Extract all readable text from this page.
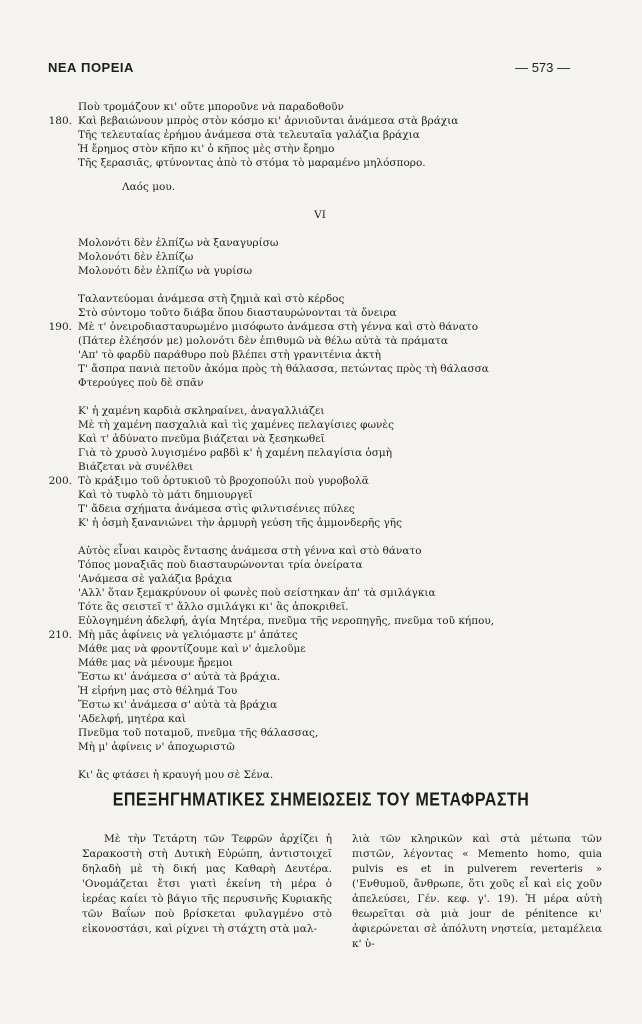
ΝΕΑ ΠΟΡΕΙΑ	— 573 —
Ποὺ τρομάζουν κι' οὔτε μποροῦνε νὰ παραδοθοῦν
180. Καὶ βεβαιώνουν μπρὸς στὸν κόσμο κι' ἀρνιοῦνται ἀνάμεσα στὰ βράχια
Τῆς τελευταίας ἐρήμου ἀνάμεσα στὰ τελευταῖα γαλάζια βράχια
Ἡ ἔρημος στὸν κῆπο κι' ὁ κῆπος μὲς στὴν ἔρημο
Τῆς ξερασιᾶς, φτύνοντας ἀπὸ τὸ στόμα τὸ μαραμένο μηλόσπορο.
Λαός μου.
VI
Μολονότι δὲν ἐλπίζω νὰ ξαναγυρίσω
Μολονότι δὲν ἐλπίζω
Μολονότι δὲν ἐλπίζω νὰ γυρίσω
Ταλαντεύομαι ἀνάμεσα στὴ ζημιὰ καὶ στὸ κέρδος
Στὸ σύντομο τοῦτο διάβα ὅπου διασταυρώνονται τὰ ὄνειρα
190. Μὲ τ' ὀνειροδιασταυρωμένο μισόφωτο ἀνάμεσα στὴ γέννα καὶ στὸ θάνατο
(Πάτερ ἐλέησόν με) μολονότι δὲν ἐπιθυμῶ νὰ θέλω αὐτὰ τὰ πράματα
'Απ' τὸ φαρδὺ παράθυρο ποὺ βλέπει στὴ γρανιτένια ἀκτὴ
Τ' ἄσπρα πανιὰ πετοῦν ἀκόμα πρὸς τὴ θάλασσα, πετώντας πρὸς τὴ θάλασσα
Φτερούγες ποὺ δὲ σπᾶν
Κ' ἡ χαμένη καρδιὰ σκληραίνει, ἀναγαλλιάζει
Μὲ τὴ χαμένη πασχαλιὰ καὶ τὶς χαμένες πελαγίσιες φωνὲς
Καὶ τ' ἀδύνατο πνεῦμα βιάζεται νὰ ξεσηκωθεῖ
Γιὰ τὸ χρυσὸ λυγισμένο ραβδὶ κ' ἡ χαμένη πελαγίσια ὀσμὴ
Βιάζεται νὰ συνέλθει
200. Τὸ κράξιμο τοῦ ὀρτυκιοῦ τὸ βροχοπούλι ποὺ γυροβολᾶ
Καὶ τὸ τυφλὸ τὸ μάτι δημιουργεῖ
Τ' ἄδεια σχήματα ἀνάμεσα στὶς φιλντισένιες πύλες
Κ' ἡ ὀσμὴ ξανανιώνει τὴν ἁρμυρὴ γεύση τῆς ἀμμονδερῆς γῆς
Αὐτὸς εἶναι καιρὸς ἔντασης ἀνάμεσα στὴ γέννα καὶ στὸ θάνατο
Τόπος μοναξιᾶς ποὺ διασταυρώνονται τρία ὀνείρατα
'Ανάμεσα σὲ γαλάζια βράχια
'Αλλ' ὅταν ξεμακρύνουν οἱ φωνὲς ποὺ σείστηκαν ἀπ' τὰ σμιλάγκια
Τότε ἂς σειστεῖ τ' ἄλλο σμιλάγκι κι' ἂς ἀποκριθεῖ.
Εὐλογημένη ἀδελφή, ἁγία Μητέρα, πνεῦμα τῆς νεροπηγῆς, πνεῦμα τοῦ κήπου,
210. Μὴ μᾶς ἀφίνεις νὰ γελιόμαστε μ' ἀπάτες
Μάθε μας νὰ φροντίζουμε καὶ ν' ἀμελοῦμε
Μάθε μας νὰ μένουμε ἤρεμοι
Ἔστω κι' ἀνάμεσα σ' αὐτὰ τὰ βράχια.
Ἡ εἰρήνη μας στὸ θέλημά Του
Ἔστω κι' ἀνάμεσα σ' αὐτὰ τὰ βράχια
'Αδελφή, μητέρα καὶ
Πνεῦμα τοῦ ποταμοῦ, πνεῦμα τῆς θάλασσας,
Μὴ μ' ἀφίνεις ν' ἀποχωριστῶ
Κι' ἂς φτάσει ἡ κραυγή μου σὲ Σένα.
ΕΠΕΞΗΓΗΜΑΤΙΚΕΣ ΣΗΜΕΙΩΣΕΙΣ ΤΟΥ ΜΕΤΑΦΡΑΣΤΗ

Μὲ τὴν Τετάρτη τῶν Τεφρῶν ἀρχίζει ἡ Σαρακοστὴ στὴ Δυτικὴ Εὐρώπη, ἀντιστοιχεῖ δηλαδὴ μὲ τὴ δική μας Καθαρὴ Δευτέρα. 'Ονομάζεται ἔτσι γιατὶ ἐκείνη τὴ μέρα ὁ ἱερέας καίει τὸ βάγιο τῆς περυσινῆς Κυριακῆς τῶν Βαΐων ποὺ βρίσκεται φυλαγμένο στὸ εἰκονοστάσι, καὶ ρίχνει τὴ στάχτη στὰ μαλ-

λιὰ τῶν κληρικῶν καὶ στὰ μέτωπα τῶν πιστῶν, λέγοντας « Memento homo, quia pulvis es et in pulverem reverteris » ('Ενθυμοῦ, ἄνθρωπε, ὅτι χοῦς εἶ καὶ εἰς χοῦν ἀπελεύσει, Γέν. κεφ. γ'. 19). Ἡ μέρα αὐτὴ θεωρεῖται σὰ μιὰ jour de pénitence κι' ἀφιερώνεται σὲ ἀπόλυτη νηστεία, μεταμέλεια κ' ὑ-
